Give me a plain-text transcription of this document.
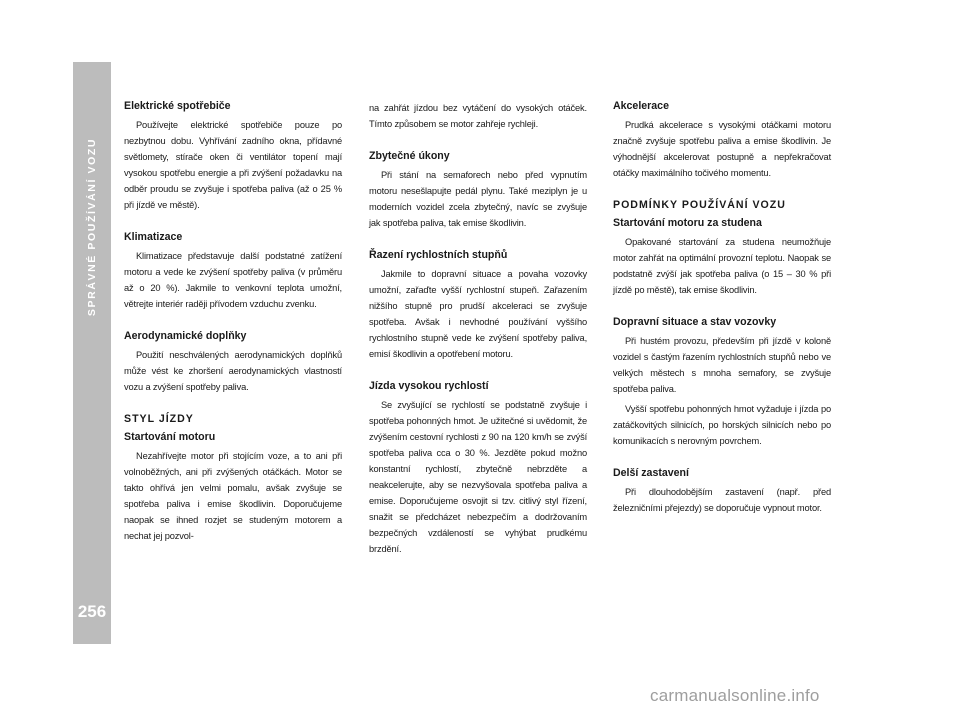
SPRÁVNÉ POUŽÍVÁNÍ VOZU
256
Elektrické spotřebiče

Používejte elektrické spotřebiče pouze po nezbytnou dobu. Vyhřívání zadního okna, přídavné světlomety, stírače oken či ventilátor topení mají vysokou spotřebu energie a při zvýšení požadavku na odběr proudu se zvyšuje i spotřeba paliva (až o 25 % při jízdě ve městě).

Klimatizace

Klimatizace představuje další podstatné zatížení motoru a vede ke zvýšení spotřeby paliva (v průměru až o 20 %). Jakmile to venkovní teplota umožní, větrejte interiér raději přívodem vzduchu zvenku.

Aerodynamické doplňky

Použití neschválených aerodynamických doplňků může vést ke zhoršení aerodynamických vlastností vozu a zvýšení spotřeby paliva.

STYL JÍZDY
Startování motoru

Nezahřívejte motor při stojícím voze, a to ani při volnoběžných, ani při zvýšených otáčkách. Motor se takto ohřívá jen velmi pomalu, avšak zvyšuje se spotřeba paliva i emise škodlivin. Doporučujeme naopak se ihned rozjet se studeným motorem a nechat jej pozvol-

na zahřát jízdou bez vytáčení do vysokých otáček. Tímto způsobem se motor zahřeje rychleji.

Zbytečné úkony

Při stání na semaforech nebo před vypnutím motoru nesešlapujte pedál plynu. Také meziplyn je u moderních vozidel zcela zbytečný, navíc se zvyšuje jak spotřeba paliva, tak emise škodlivin.

Řazení rychlostních stupňů

Jakmile to dopravní situace a povaha vozovky umožní, zařaďte vyšší rychlostní stupeň. Zařazením nižšího stupně pro prudší akceleraci se zvyšuje spotřeba. Avšak i nevhodné používání vyššího rychlostního stupně vede ke zvýšení spotřeby paliva, emisí škodlivin a opotřebení motoru.

Jízda vysokou rychlostí

Se zvyšující se rychlostí se podstatně zvyšuje i spotřeba pohonných hmot. Je užitečné si uvědomit, že zvýšením cestovní rychlosti z 90 na 120 km/h se zvýší spotřeba paliva cca o 30 %. Jezděte pokud možno konstantní rychlostí, zbytečně nebrzděte a neakcelerujte, aby se nezvyšovala spotřeba paliva a emise. Doporučujeme osvojit si tzv. citlivý styl řízení, snažit se předcházet nebezpečím a dodržovaním bezpečných vzdáleností se vyhýbat prudkému brzdění.

Akcelerace

Prudká akcelerace s vysokými otáčkami motoru značně zvyšuje spotřebu paliva a emise škodlivin. Je výhodnější akcelerovat postupně a nepřekračovat otáčky maximálního točivého momentu.

PODMÍNKY POUŽÍVÁNÍ VOZU
Startování motoru za studena

Opakované startování za studena neumožňuje motor zahřát na optimální provozní teplotu. Naopak se podstatně zvýší jak spotřeba paliva (o 15 – 30 % při jízdě po městě), tak emise škodlivin.

Dopravní situace a stav vozovky

Při hustém provozu, především při jízdě v koloně vozidel s častým řazením rychlostních stupňů nebo ve velkých městech s mnoha semafory, se zvyšuje spotřeba paliva.

Vyšší spotřebu pohonných hmot vyžaduje i jízda po zatáčkovitých silnicích, po horských silnicích nebo po komunikacích s nerovným povrchem.

Delší zastavení

Při dlouhodobějším zastavení (např. před železničními přejezdy) se doporučuje vypnout motor.

carmanualsonline.info
